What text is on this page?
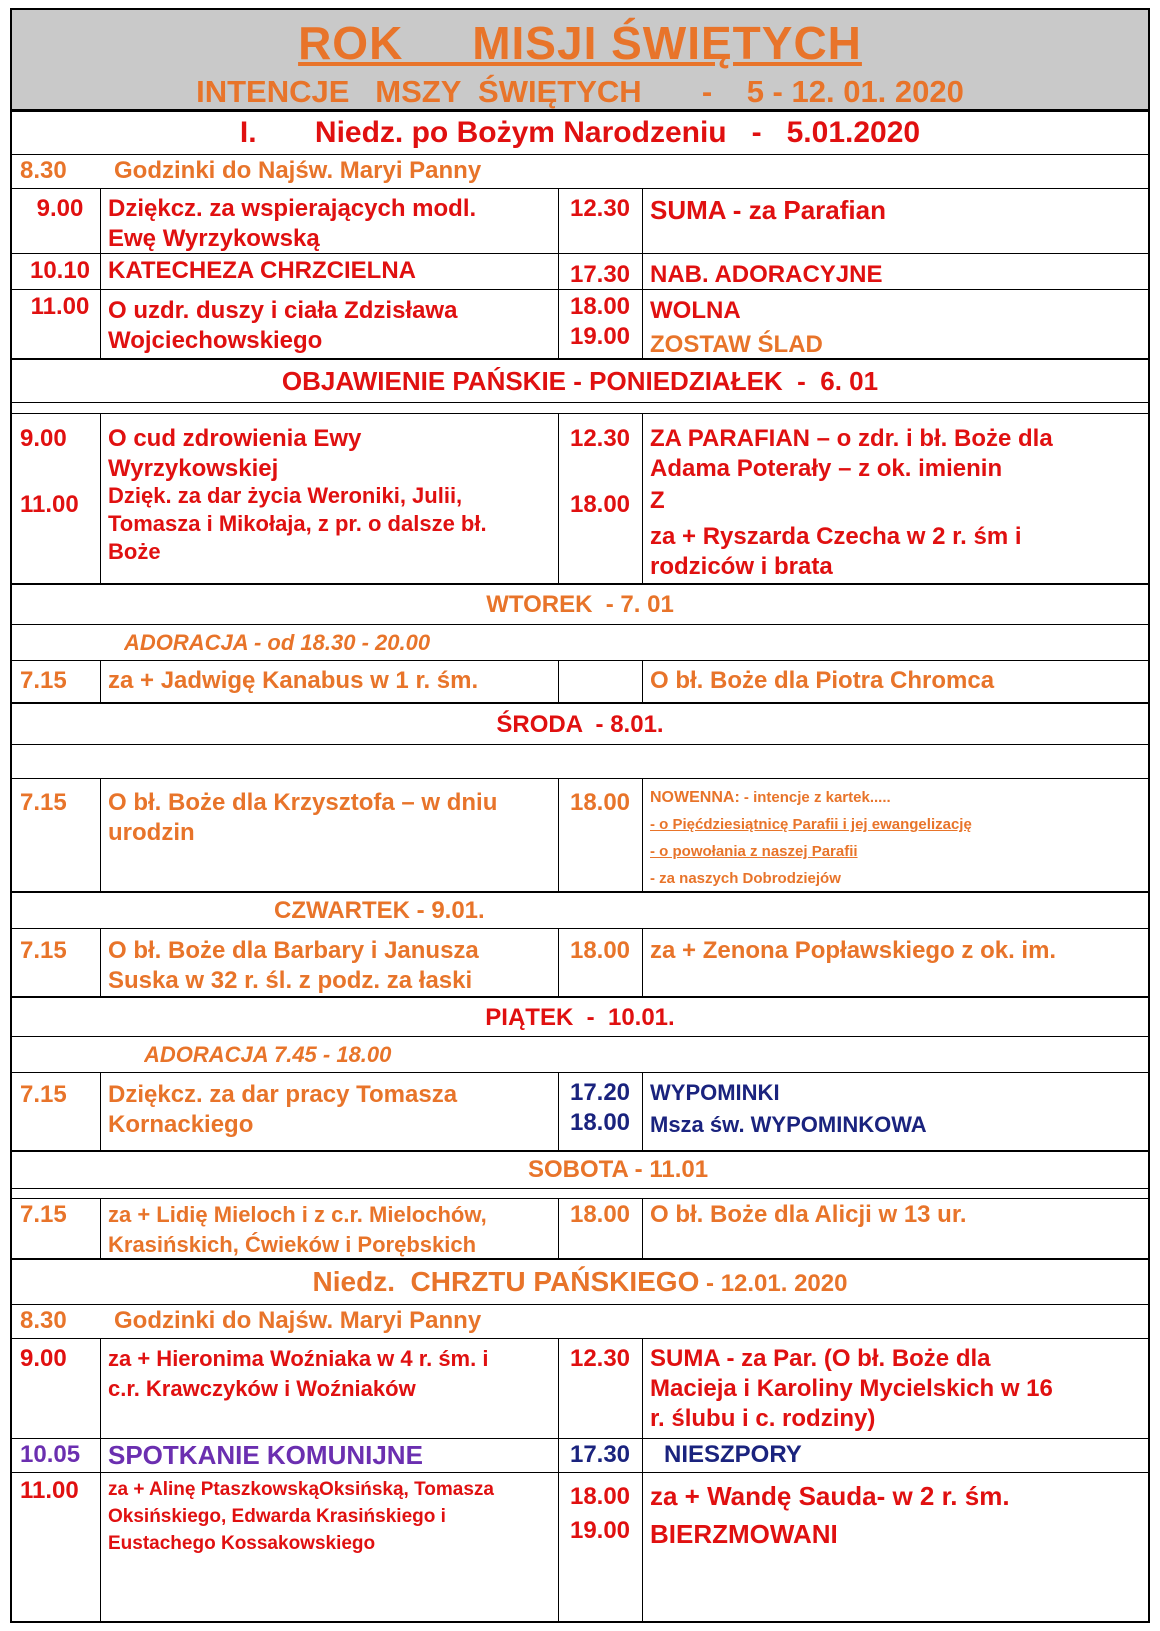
ROK     MISJI ŚWIĘTYCH
INTENCJE   MSZY  ŚWIĘTYCH       -    5 - 12. 01. 2020
I.       Niedz. po Bożym Narodzeniu   -   5.01.2020
8.30	Godzinki do Najśw. Maryi Panny
9.00	Dziękcz. za wspierających modl.
Ewę Wyrzykowską
12.30 SUMA - za Parafian
10.10 KATECHEZA CHRZCIELNA	17.30 NAB. ADORACYJNE
11.00 O uzdr. duszy i ciała Zdzisława
Wojciechowskiego
18.00 WOLNA
19.00 ZOSTAW ŚLAD
OBJAWIENIE PAŃSKIE - PONIEDZIAŁEK  -  6. 01
9.00	O cud zdrowienia Ewy
Wyrzykowskiej
11.00	Dzięk. za dar życia Weroniki, Julii,
Tomasza i Mikołaja, z pr. o dalsze bł.
Boże
12.30 ZA PARAFIAN – o zdr. i bł. Boże dla
Adama Poterały – z ok. imienin
18.00 Z
za + Ryszarda Czecha w 2 r. śm i
rodziców i brata
WTOREK  - 7. 01
ADORACJA - od 18.30 - 20.00
7.15	za + Jadwigę Kanabus w 1 r. śm.	O bł. Boże dla Piotra Chromca
ŚRODA  - 8.01.
7.15	O bł. Boże dla Krzysztofa – w dniu
urodzin
18.00	NOWENNA: - intencje z kartek.....
- o Pięćdziesiątnicę Parafii i jej ewangelizację
- o powołania z naszej Parafii
- za naszych Dobrodziejów
CZWARTEK - 9.01.
7.15	O bł. Boże dla Barbary i Janusza
Suska w 32 r. śl. z podz. za łaski
18.00 za + Zenona Popławskiego z ok. im.
PIĄTEK  -  10.01.
ADORACJA 7.45 - 18.00
7.15	Dziękcz. za dar pracy Tomasza
Kornackiego
17.20 WYPOMINKI
18.00 Msza św. WYPOMINKOWA
SOBOTA - 11.01
7.15	za + Lidię Mieloch i z c.r. Mielochów,
Krasińskich, Ćwieków i Porębskich
18.00 O bł. Boże dla Alicji w 13 ur.
Niedz.  CHRZTU PAŃSKIEGO - 12.01. 2020
8.30	Godzinki do Najśw. Maryi Panny
9.00	za + Hieronima Woźniaka w 4 r. śm. i
c.r. Krawczyków i Woźniaków
12.30 SUMA - za Par. (O bł. Boże dla
Macieja i Karoliny Mycielskich w 16
r. ślubu i c. rodziny)
10.05	SPOTKANIE KOMUNIJNE	17.30	NIESZPORY
11.00	za + Alinę PtaszkowskąOksińską, Tomasza
Oksińskiego, Edwarda Krasińskiego i
Eustachego Kossakowskiego
18.00 za + Wandę Sauda- w 2 r. śm.
19.00 BIERZMOWANI
